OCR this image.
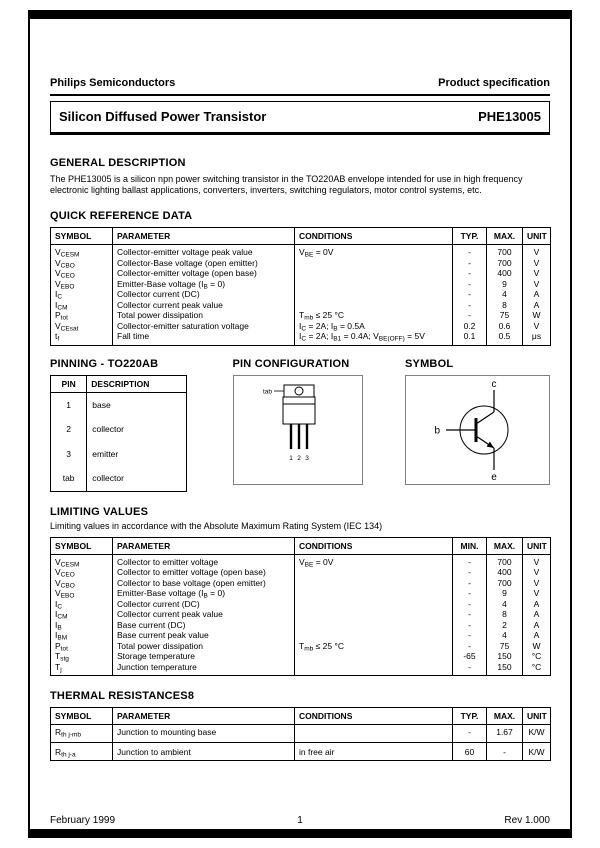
Philips Semiconductors	Product specification
Silicon Diffused Power Transistor	PHE13005
GENERAL DESCRIPTION

The PHE13005 is a silicon npn power switching transistor in the TO220AB envelope intended for use in high frequency electronic lighting ballast applications, converters, inverters, switching regulators, motor control systems, etc.

QUICK REFERENCE DATA
SYMBOL	PARAMETER	CONDITIONS	TYP.	MAX.	UNIT
$V_{CESM}$	Collector-emitter voltage peak value	$V_{BE} = 0V$	-	700	V
$V_{CBO}$	Collector-Base voltage (open emitter)		-	700	V
$V_{CEO}$	Collector-emitter voltage (open base)		-	400	V
$V_{EBO}$	Emitter-Base voltage $(I_B = 0)$		-	9	V
$I_C$	Collector current (DC)		-	4	A
$I_{CM}$	Collector current peak value		-	8	A
$P_{tot}$	Total power dissipation	$T_{mb} \le 25$ °C	-	75	W
$V_{CEsat}$	Collector-emitter saturation voltage	$I_C = 2A$; $I_B = 0.5A$	0.2	0.6	V
$t_f$	Fall time	$I_C = 2A$; $I_{B1} = 0.4A$; $V_{BE(OFF)} = 5V$	0.1	0.5	μs
PINNING - TO220AB
PIN	DESCRIPTION
1	base
2	collector
3	emitter
tab	collector
PIN CONFIGURATION
tab
1 2 3
SYMBOL
b
c
e
LIMITING VALUES

Limiting values in accordance with the Absolute Maximum Rating System (IEC 134)

SYMBOL	PARAMETER	CONDITIONS	MIN.	MAX.	UNIT
$V_{CESM}$	Collector to emitter voltage	$V_{BE} = 0V$	-	700	V
$V_{CEO}$	Collector to emitter voltage (open base)		-	400	V
$V_{CBO}$	Collector to base voltage (open emitter)		-	700	V
$V_{EBO}$	Emitter-Base voltage $(I_B = 0)$		-	9	V
$I_C$	Collector current (DC)		-	4	A
$I_{CM}$	Collector current peak value		-	8	A
$I_B$	Base current (DC)		-	2	A
$I_{BM}$	Base current peak value		-	4	A
$P_{tot}$	Total power dissipation	$T_{mb} \le 25$ °C	-	75	W
$T_{stg}$	Storage temperature		-65	150	°C
$T_j$	Junction temperature		-	150	°C
THERMAL RESISTANCES8
SYMBOL	PARAMETER	CONDITIONS	TYP.	MAX.	UNIT
$R_{th j-mb}$	Junction to mounting base		-	1.67	K/W
$R_{th j-a}$	Junction to ambient	in free air	60	-	K/W
February 1999	1	Rev 1.000
